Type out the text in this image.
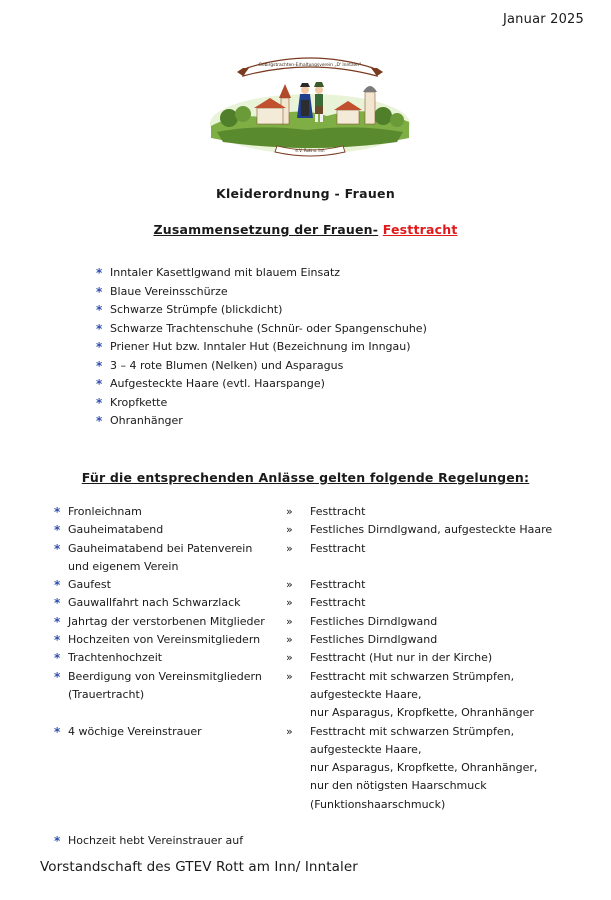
Januar 2025
Gebirgstrachten-Erhaltungsverein „D' Inntaler"
e.V. Rott a. Inn
Kleiderordnung - Frauen
Zusammensetzung der Frauen- Festtracht
* Inntaler Kasettlgwand mit blauem Einsatz
* Blaue Vereinsschürze
* Schwarze Strümpfe (blickdicht)
* Schwarze Trachtenschuhe (Schnür- oder Spangenschuhe)
* Priener Hut bzw. Inntaler Hut (Bezeichnung im Inngau)
* 3 – 4 rote Blumen (Nelken) und Asparagus
* Aufgesteckte Haare (evtl. Haarspange)
* Kropfkette
* Ohranhänger
Für die entsprechenden Anlässe gelten folgende Regelungen:
* Fronleichnam	»	Festtracht
* Gauheimatabend	»	Festliches Dirndlgwand, aufgesteckte Haare
* Gauheimatabend bei Patenverein
und eigenem Verein
»	Festtracht
* Gaufest	»	Festtracht
* Gauwallfahrt nach Schwarzlack	»	Festtracht
* Jahrtag der verstorbenen Mitglieder »	Festliches Dirndlgwand
* Hochzeiten von Vereinsmitgliedern »	Festliches Dirndlgwand
* Trachtenhochzeit	»	Festtracht (Hut nur in der Kirche)
* Beerdigung von Vereinsmitgliedern
(Trauertracht)
»	Festtracht mit schwarzen Strümpfen,
aufgesteckte Haare,
nur Asparagus, Kropfkette, Ohranhänger
* 4 wöchige Vereinstrauer	»	Festtracht mit schwarzen Strümpfen,
aufgesteckte Haare,
nur Asparagus, Kropfkette, Ohranhänger,
nur den nötigsten Haarschmuck
(Funktionshaarschmuck)
* Hochzeit hebt Vereinstrauer auf
Vorstandschaft des GTEV Rott am Inn/ Inntaler
